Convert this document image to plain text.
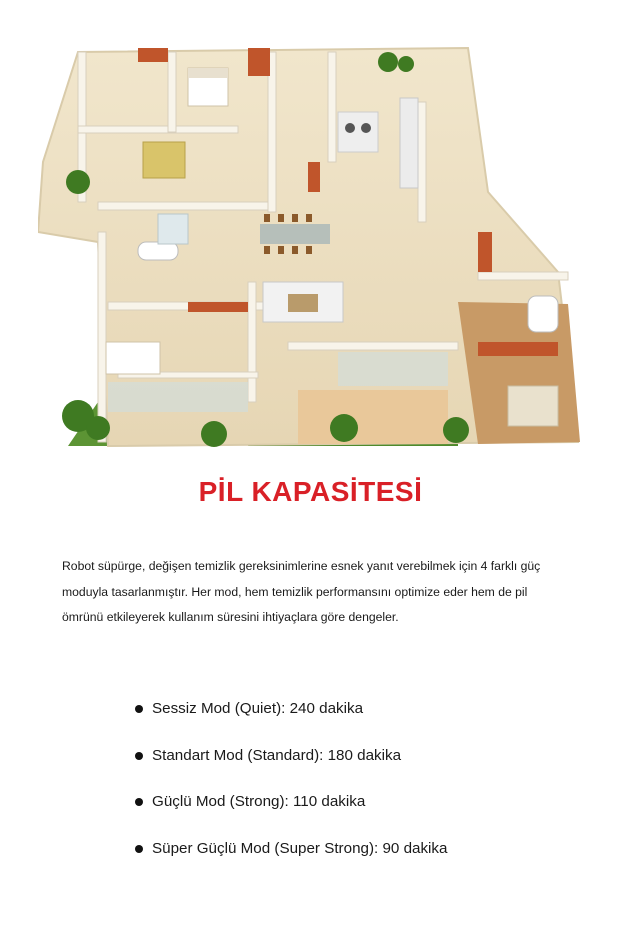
PİL KAPASİTESİ

Robot süpürge, değişen temizlik gereksinimlerine esnek yanıt verebilmek için 4 farklı güç moduyla tasarlanmıştır. Her mod, hem temizlik performansını optimize eder hem de pil ömrünü etkileyerek kullanım süresini ihtiyaçlara göre dengeler.

Sessiz Mod (Quiet): 240 dakika
Standart Mod (Standard): 180 dakika
Güçlü Mod (Strong): 110 dakika
Süper Güçlü Mod (Super Strong): 90 dakika
